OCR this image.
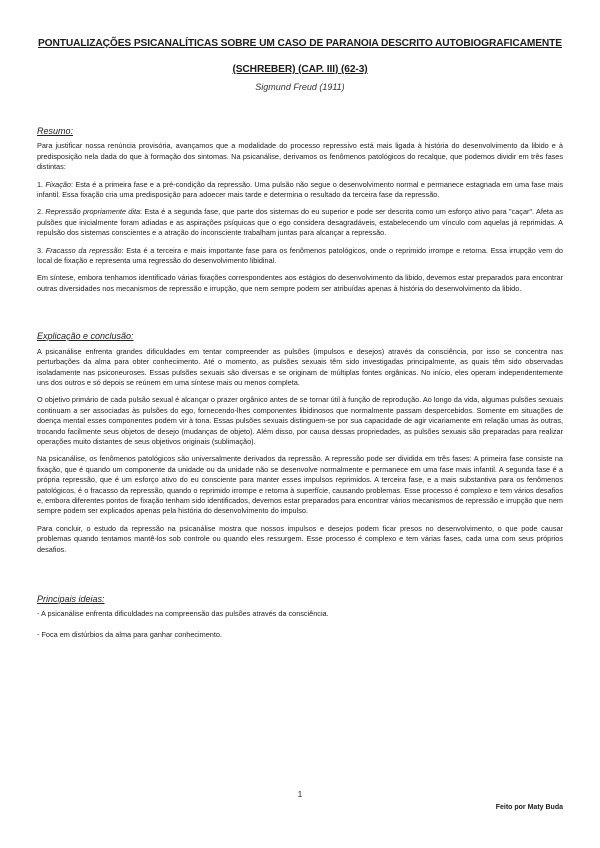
PONTUALIZAÇÕES PSICANALÍTICAS SOBRE UM CASO DE PARANOIA DESCRITO AUTOBIOGRAFICAMENTE
(SCHREBER) (CAP. III) (62-3)
Sigmund Freud (1911)
Resumo:

Para justificar nossa renúncia provisória, avançamos que a modalidade do processo repressivo está mais ligada à história do desenvolvimento da libido e à predisposição nela dada do que à formação dos sintomas. Na psicanálise, derivamos os fenômenos patológicos do recalque, que podemos dividir em três fases distintas:

1. Fixação: Esta é a primeira fase e a pré-condição da repressão. Uma pulsão não segue o desenvolvimento normal e permanece estagnada em uma fase mais infantil. Essa fixação cria uma predisposição para adoecer mais tarde e determina o resultado da terceira fase da repressão.

2. Repressão propriamente dita: Esta é a segunda fase, que parte dos sistemas do eu superior e pode ser descrita como um esforço ativo para "caçar". Afeta as pulsões que inicialmente foram adiadas e as aspirações psíquicas que o ego considera desagradáveis, estabelecendo um vínculo com aquelas já reprimidas. A repulsão dos sistemas conscientes e a atração do inconsciente trabalham juntas para alcançar a repressão.

3. Fracasso da repressão: Esta é a terceira e mais importante fase para os fenômenos patológicos, onde o reprimido irrompe e retorna. Essa irrupção vem do local de fixação e representa uma regressão do desenvolvimento libidinal.

Em síntese, embora tenhamos identificado várias fixações correspondentes aos estágios do desenvolvimento da libido, devemos estar preparados para encontrar outras diversidades nos mecanismos de repressão e irrupção, que nem sempre podem ser atribuídas apenas à história do desenvolvimento da libido.

Explicação e conclusão:

A psicanálise enfrenta grandes dificuldades em tentar compreender as pulsões (impulsos e desejos) através da consciência, por isso se concentra nas perturbações da alma para obter conhecimento. Até o momento, as pulsões sexuais têm sido investigadas principalmente, as quais têm sido observadas isoladamente nas psiconeuroses. Essas pulsões sexuais são diversas e se originam de múltiplas fontes orgânicas. No início, eles operam independentemente uns dos outros e só depois se reúnem em uma síntese mais ou menos completa.

O objetivo primário de cada pulsão sexual é alcançar o prazer orgânico antes de se tornar útil à função de reprodução. Ao longo da vida, algumas pulsões sexuais continuam a ser associadas às pulsões do ego, fornecendo-lhes componentes libidinosos que normalmente passam despercebidos. Somente em situações de doença mental esses componentes podem vir à tona. Essas pulsões sexuais distinguem-se por sua capacidade de agir vicariamente em relação umas às outras, trocando facilmente seus objetos de desejo (mudanças de objeto). Além disso, por causa dessas propriedades, as pulsões sexuais são preparadas para realizar operações muito distantes de seus objetivos originais (sublimação).

Na psicanálise, os fenômenos patológicos são universalmente derivados da repressão. A repressão pode ser dividida em três fases: A primeira fase consiste na fixação, que é quando um componente da unidade ou da unidade não se desenvolve normalmente e permanece em uma fase mais infantil. A segunda fase é a própria repressão, que é um esforço ativo do eu consciente para manter esses impulsos reprimidos. A terceira fase, e a mais substantiva para os fenômenos patológicos, é o fracasso da repressão, quando o reprimido irrompe e retorna à superfície, causando problemas. Esse processo é complexo e tem vários desafios e, embora diferentes pontos de fixação tenham sido identificados, devemos estar preparados para encontrar vários mecanismos de repressão e irrupção que nem sempre podem ser explicados apenas pela história do desenvolvimento do impulso.

Para concluir, o estudo da repressão na psicanálise mostra que nossos impulsos e desejos podem ficar presos no desenvolvimento, o que pode causar problemas quando tentamos mantê-los sob controle ou quando eles ressurgem. Esse processo é complexo e tem várias fases, cada uma com seus próprios desafios.

Principais ideias:
- A psicanálise enfrenta dificuldades na compreensão das pulsões através da consciência.
- Foca em distúrbios da alma para ganhar conhecimento.
1
Feito por Maty Buda
